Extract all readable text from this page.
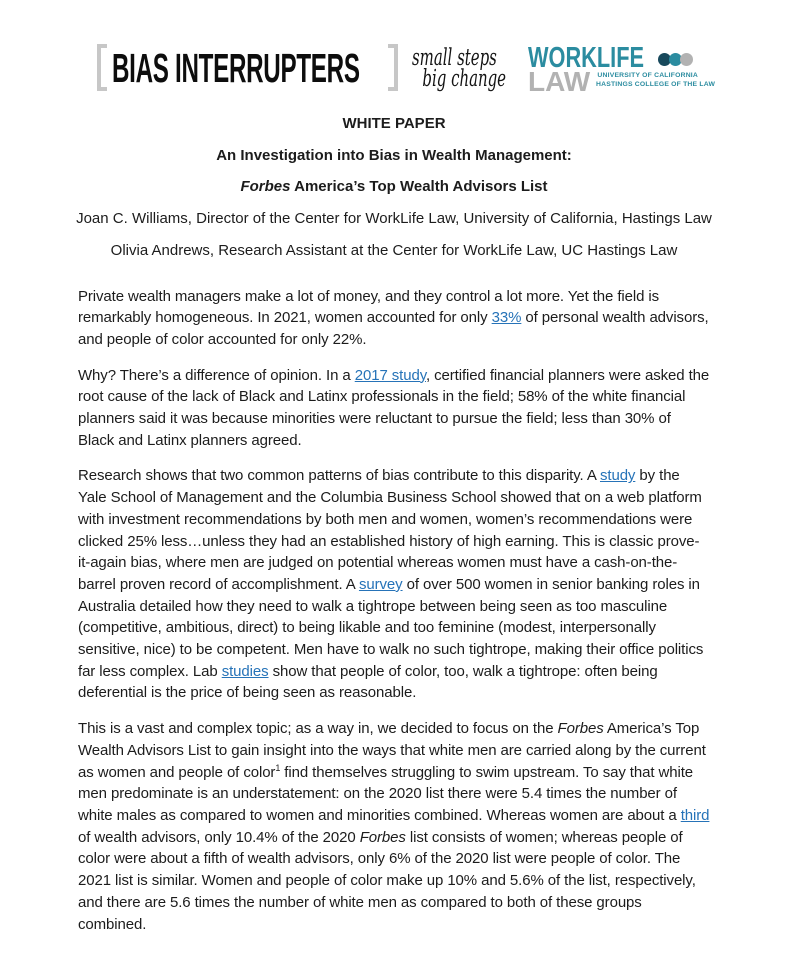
BIAS INTERRUPTERS small steps
big change
WORKLIFE
LAW UNIVERSITY OF CALIFORNIA
HASTINGS COLLEGE OF THE LAW

WHITE PAPER

An Investigation into Bias in Wealth Management:

Forbes America’s Top Wealth Advisors List

Joan C. Williams, Director of the Center for WorkLife Law, University of California, Hastings Law

Olivia Andrews, Research Assistant at the Center for WorkLife Law, UC Hastings Law

Private wealth managers make a lot of money, and they control a lot more. Yet the field is remarkably homogeneous. In 2021, women accounted for only 33% of personal wealth advisors, and people of color accounted for only 22%.

Why? There’s a difference of opinion. In a 2017 study, certified financial planners were asked the root cause of the lack of Black and Latinx professionals in the field; 58% of the white financial planners said it was because minorities were reluctant to pursue the field; less than 30% of Black and Latinx planners agreed.

Research shows that two common patterns of bias contribute to this disparity. A study by the Yale School of Management and the Columbia Business School showed that on a web platform with investment recommendations by both men and women, women’s recommendations were clicked 25% less…unless they had an established history of high earning. This is classic prove-it-again bias, where men are judged on potential whereas women must have a cash-on-the-barrel proven record of accomplishment. A survey of over 500 women in senior banking roles in Australia detailed how they need to walk a tightrope between being seen as too masculine (competitive, ambitious, direct) to being likable and too feminine (modest, interpersonally sensitive, nice) to be competent. Men have to walk no such tightrope, making their office politics far less complex. Lab studies show that people of color, too, walk a tightrope: often being deferential is the price of being seen as reasonable.

This is a vast and complex topic; as a way in, we decided to focus on the Forbes America’s Top Wealth Advisors List to gain insight into the ways that white men are carried along by the current as women and people of color$^1$ find themselves struggling to swim upstream. To say that white men predominate is an understatement: on the 2020 list there were 5.4 times the number of white males as compared to women and minorities combined. Whereas women are about a third of wealth advisors, only 10.4% of the 2020 Forbes list consists of women; whereas people of color were about a fifth of wealth advisors, only 6% of the 2020 list were people of color. The 2021 list is similar. Women and people of color make up 10% and 5.6% of the list, respectively, and there are 5.6 times the number of white men as compared to both of these groups combined.
